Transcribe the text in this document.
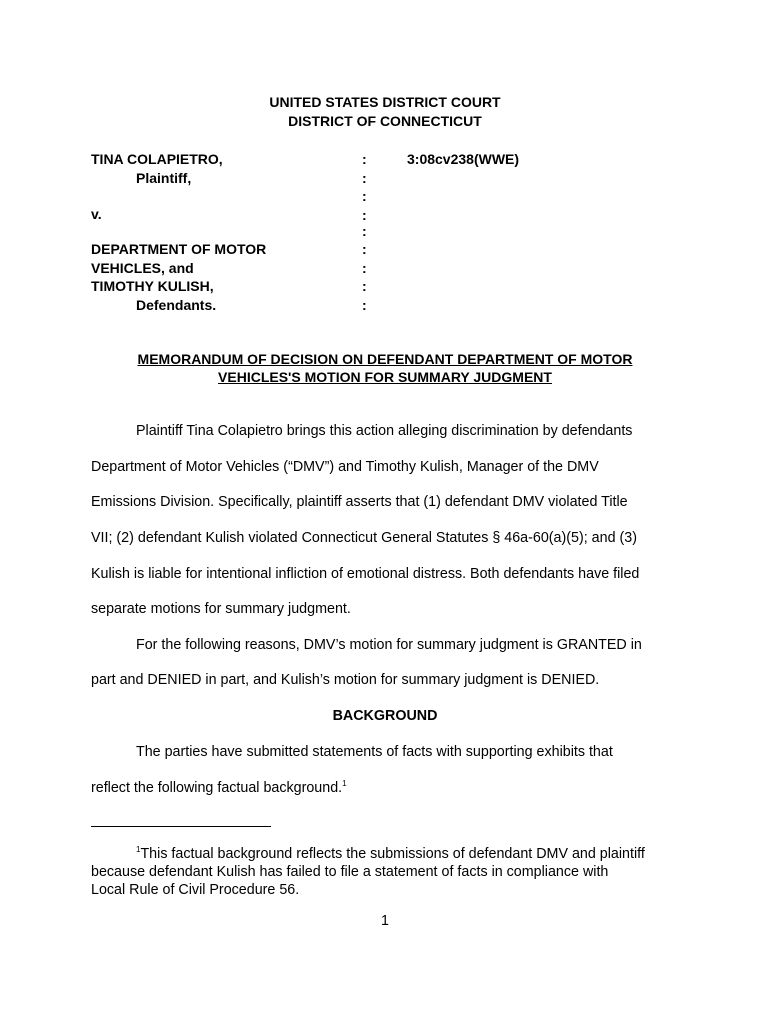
UNITED STATES DISTRICT COURT
DISTRICT OF CONNECTICUT
TINA COLAPIETRO,
Plaintiff,
v.
DEPARTMENT OF MOTOR
VEHICLES, and
TIMOTHY KULISH,
Defendants.
:
:
:
:
:
:
:
:
:
3:08cv238(WWE)
MEMORANDUM OF DECISION ON DEFENDANT DEPARTMENT OF MOTOR
VEHICLES'S MOTION FOR SUMMARY JUDGMENT
Plaintiff Tina Colapietro brings this action alleging discrimination by defendants
Department of Motor Vehicles (“DMV”) and Timothy Kulish, Manager of the DMV
Emissions Division. Specifically, plaintiff asserts that (1) defendant DMV violated Title
VII; (2) defendant Kulish violated Connecticut General Statutes § 46a-60(a)(5); and (3)
Kulish is liable for intentional infliction of emotional distress. Both defendants have filed
separate motions for summary judgment.
For the following reasons, DMV’s motion for summary judgment is GRANTED in
part and DENIED in part, and Kulish’s motion for summary judgment is DENIED.
BACKGROUND
The parties have submitted statements of facts with supporting exhibits that
reflect the following factual background.$^1$
$^1$This factual background reflects the submissions of defendant DMV and plaintiff
because defendant Kulish has failed to file a statement of facts in compliance with
Local Rule of Civil Procedure 56.
1
